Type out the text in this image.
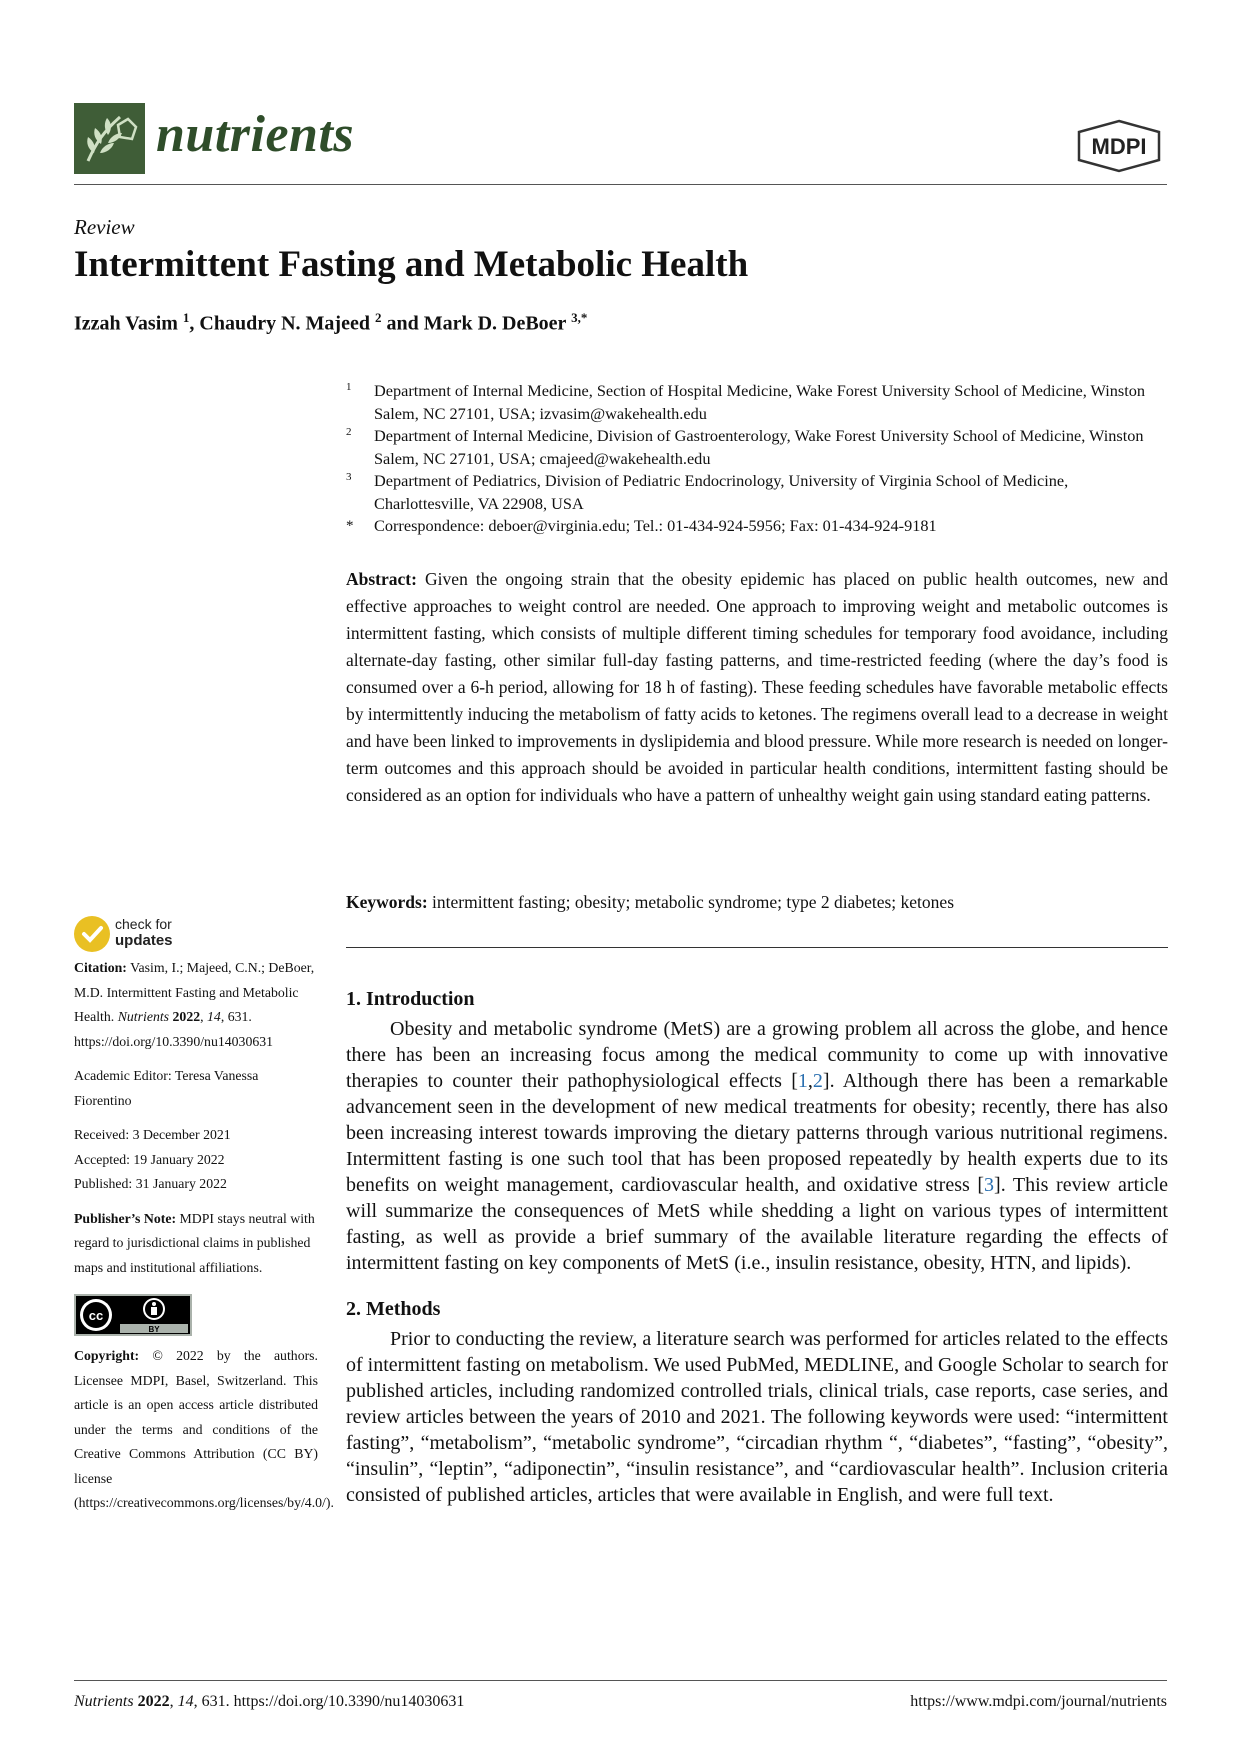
nutrients	MDPI
Review
Intermittent Fasting and Metabolic Health
Izzah Vasim $^1$, Chaudry N. Majeed $^2$ and Mark D. DeBoer $^{3,*}$
1 Department of Internal Medicine, Section of Hospital Medicine, Wake Forest University School of Medicine, Winston Salem, NC 27101, USA; izvasim@wakehealth.edu
2 Department of Internal Medicine, Division of Gastroenterology, Wake Forest University School of Medicine, Winston Salem, NC 27101, USA; cmajeed@wakehealth.edu
3 Department of Pediatrics, Division of Pediatric Endocrinology, University of Virginia School of Medicine, Charlottesville, VA 22908, USA
* Correspondence: deboer@virginia.edu; Tel.: 01-434-924-5956; Fax: 01-434-924-9181
Abstract: Given the ongoing strain that the obesity epidemic has placed on public health outcomes, new and effective approaches to weight control are needed. One approach to improving weight and metabolic outcomes is intermittent fasting, which consists of multiple different timing schedules for temporary food avoidance, including alternate-day fasting, other similar full-day fasting patterns, and time-restricted feeding (where the day’s food is consumed over a 6-h period, allowing for 18 h of fasting). These feeding schedules have favorable metabolic effects by intermittently inducing the metabolism of fatty acids to ketones. The regimens overall lead to a decrease in weight and have been linked to improvements in dyslipidemia and blood pressure. While more research is needed on longer-term outcomes and this approach should be avoided in particular health conditions, intermittent fasting should be considered as an option for individuals who have a pattern of unhealthy weight gain using standard eating patterns.
Keywords: intermittent fasting; obesity; metabolic syndrome; type 2 diabetes; ketones
check for
updates
Citation: Vasim, I.; Majeed, C.N.; DeBoer, M.D. Intermittent Fasting and Metabolic Health. Nutrients 2022, 14, 631. https://doi.org/10.3390/nu14030631
Academic Editor: Teresa Vanessa Fiorentino
Received: 3 December 2021
Accepted: 19 January 2022
Published: 31 January 2022
Publisher’s Note: MDPI stays neutral with regard to jurisdictional claims in published maps and institutional affiliations.
cc
BY
Copyright: © 2022 by the authors. Licensee MDPI, Basel, Switzerland. This article is an open access article distributed under the terms and conditions of the Creative Commons Attribution (CC BY) license (https://creativecommons.org/licenses/by/4.0/).

1. Introduction

Obesity and metabolic syndrome (MetS) are a growing problem all across the globe, and hence there has been an increasing focus among the medical community to come up with innovative therapies to counter their pathophysiological effects [1,2]. Although there has been a remarkable advancement seen in the development of new medical treatments for obesity; recently, there has also been increasing interest towards improving the dietary patterns through various nutritional regimens. Intermittent fasting is one such tool that has been proposed repeatedly by health experts due to its benefits on weight management, cardiovascular health, and oxidative stress [3]. This review article will summarize the consequences of MetS while shedding a light on various types of intermittent fasting, as well as provide a brief summary of the available literature regarding the effects of intermittent fasting on key components of MetS (i.e., insulin resistance, obesity, HTN, and lipids).

2. Methods

Prior to conducting the review, a literature search was performed for articles related to the effects of intermittent fasting on metabolism. We used PubMed, MEDLINE, and Google Scholar to search for published articles, including randomized controlled trials, clinical trials, case reports, case series, and review articles between the years of 2010 and 2021. The following keywords were used: “intermittent fasting”, “metabolism”, “metabolic syndrome”, “circadian rhythm “, “diabetes”, “fasting”, “obesity”, “insulin”, “leptin”, “adiponectin”, “insulin resistance”, and “cardiovascular health”. Inclusion criteria consisted of published articles, articles that were available in English, and were full text.

Nutrients 2022, 14, 631. https://doi.org/10.3390/nu14030631	https://www.mdpi.com/journal/nutrients
